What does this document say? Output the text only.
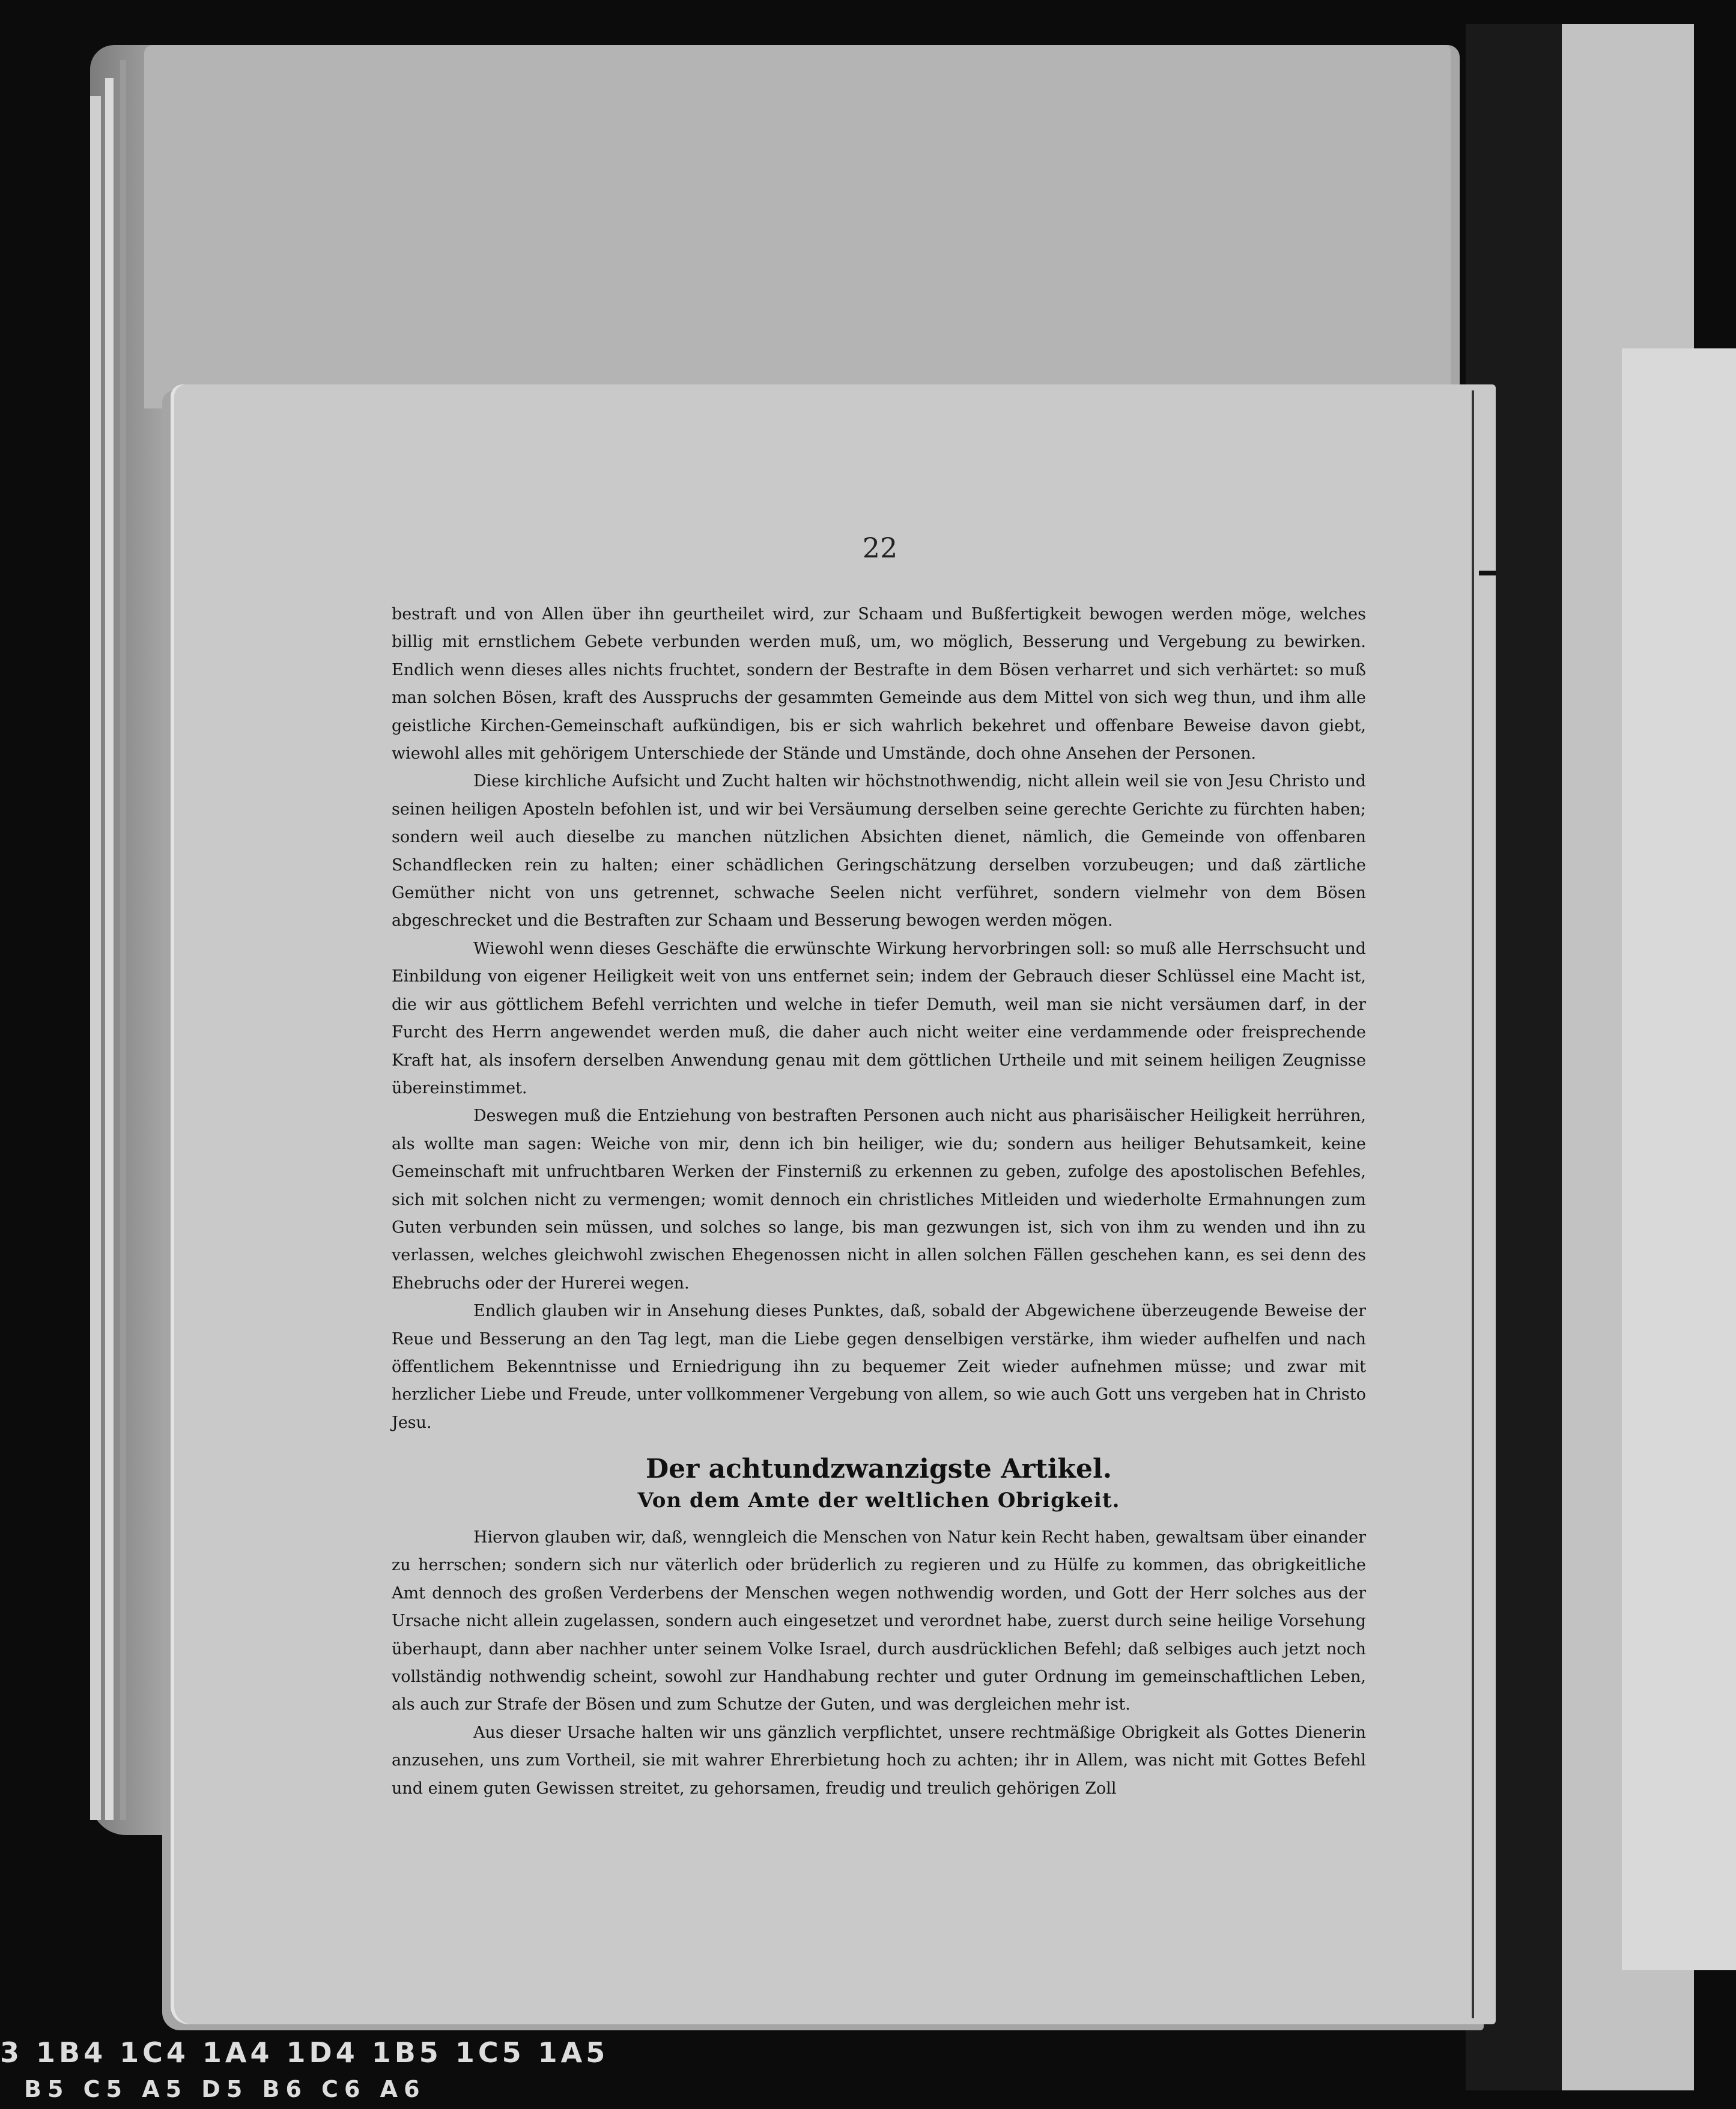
22

bestraft und von Allen über ihn geurtheilet wird, zur Schaam und Bußfertigkeit bewogen werden möge, welches billig mit ernstlichem Gebete verbunden werden muß, um, wo möglich, Besserung und Vergebung zu bewirken. Endlich wenn dieses alles nichts fruchtet, sondern der Bestrafte in dem Bösen verharret und sich verhärtet: so muß man solchen Bösen, kraft des Ausspruchs der gesammten Gemeinde aus dem Mittel von sich weg thun, und ihm alle geistliche Kirchen-Gemeinschaft aufkündigen, bis er sich wahrlich bekehret und offenbare Beweise davon giebt, wiewohl alles mit gehörigem Unterschiede der Stände und Umstände, doch ohne Ansehen der Personen.

Diese kirchliche Aufsicht und Zucht halten wir höchstnothwendig, nicht allein weil sie von Jesu Christo und seinen heiligen Aposteln befohlen ist, und wir bei Versäumung derselben seine gerechte Gerichte zu fürchten haben; sondern weil auch dieselbe zu manchen nützlichen Absichten dienet, nämlich, die Gemeinde von offenbaren Schandflecken rein zu halten; einer schädlichen Geringschätzung derselben vorzubeugen; und daß zärtliche Gemüther nicht von uns getrennet, schwache Seelen nicht verführet, sondern vielmehr von dem Bösen abgeschrecket und die Bestraften zur Schaam und Besserung bewogen werden mögen.

Wiewohl wenn dieses Geschäfte die erwünschte Wirkung hervorbringen soll: so muß alle Herrschsucht und Einbildung von eigener Heiligkeit weit von uns entfernet sein; indem der Gebrauch dieser Schlüssel eine Macht ist, die wir aus göttlichem Befehl verrichten und welche in tiefer Demuth, weil man sie nicht versäumen darf, in der Furcht des Herrn angewendet werden muß, die daher auch nicht weiter eine verdammende oder freisprechende Kraft hat, als insofern derselben Anwendung genau mit dem göttlichen Urtheile und mit seinem heiligen Zeugnisse übereinstimmet.

Deswegen muß die Entziehung von bestraften Personen auch nicht aus pharisäischer Heiligkeit herrühren, als wollte man sagen: Weiche von mir, denn ich bin heiliger, wie du; sondern aus heiliger Behutsamkeit, keine Gemeinschaft mit unfruchtbaren Werken der Finsterniß zu erkennen zu geben, zufolge des apostolischen Befehles, sich mit solchen nicht zu vermengen; womit dennoch ein christliches Mitleiden und wiederholte Ermahnungen zum Guten verbunden sein müssen, und solches so lange, bis man gezwungen ist, sich von ihm zu wenden und ihn zu verlassen, welches gleichwohl zwischen Ehegenossen nicht in allen solchen Fällen geschehen kann, es sei denn des Ehebruchs oder der Hurerei wegen.

Endlich glauben wir in Ansehung dieses Punktes, daß, sobald der Abgewichene überzeugende Beweise der Reue und Besserung an den Tag legt, man die Liebe gegen denselbigen verstärke, ihm wieder aufhelfen und nach öffentlichem Bekenntnisse und Erniedrigung ihn zu bequemer Zeit wieder aufnehmen müsse; und zwar mit herzlicher Liebe und Freude, unter vollkommener Vergebung von allem, so wie auch Gott uns vergeben hat in Christo Jesu.

Der achtundzwanzigste Artikel.
Von dem Amte der weltlichen Obrigkeit.

Hiervon glauben wir, daß, wenngleich die Menschen von Natur kein Recht haben, gewaltsam über einander zu herrschen; sondern sich nur väterlich oder brüderlich zu regieren und zu Hülfe zu kommen, das obrigkeitliche Amt dennoch des großen Verderbens der Menschen wegen nothwendig worden, und Gott der Herr solches aus der Ursache nicht allein zugelassen, sondern auch eingesetzet und verordnet habe, zuerst durch seine heilige Vorsehung überhaupt, dann aber nachher unter seinem Volke Israel, durch ausdrücklichen Befehl; daß selbiges auch jetzt noch vollständig nothwendig scheint, sowohl zur Handhabung rechter und guter Ordnung im gemeinschaftlichen Leben, als auch zur Strafe der Bösen und zum Schutze der Guten, und was dergleichen mehr ist.

Aus dieser Ursache halten wir uns gänzlich verpflichtet, unsere rechtmäßige Obrigkeit als Gottes Dienerin anzusehen, uns zum Vortheil, sie mit wahrer Ehrerbietung hoch zu achten; ihr in Allem, was nicht mit Gottes Befehl und einem guten Gewissen streitet, zu gehorsamen, freudig und treulich gehörigen Zoll

3 1B4 1C4 1A4 1D4 1B5 1C5 1A5
B5 C5 A5 D5 B6 C6 A6
